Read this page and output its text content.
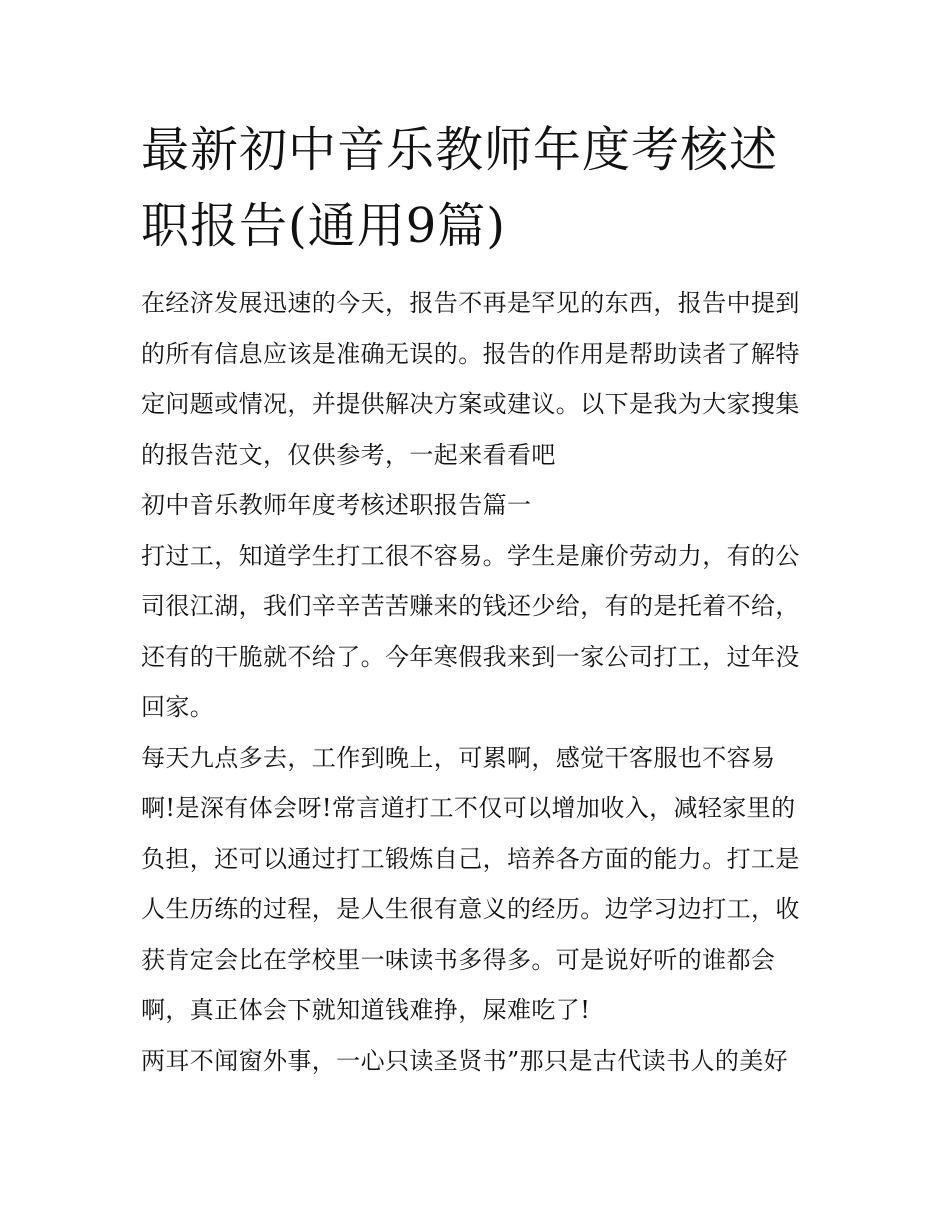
最新初中音乐教师年度考核述
职报告(通用9篇)

在经济发展迅速的今天，报告不再是罕见的东西，报告中提到
的所有信息应该是准确无误的。报告的作用是帮助读者了解特
定问题或情况，并提供解决方案或建议。以下是我为大家搜集
的报告范文，仅供参考，一起来看看吧

初中音乐教师年度考核述职报告篇一

打过工，知道学生打工很不容易。学生是廉价劳动力，有的公
司很江湖，我们辛辛苦苦赚来的钱还少给，有的是托着不给，
还有的干脆就不给了。今年寒假我来到一家公司打工，过年没
回家。

每天九点多去，工作到晚上，可累啊，感觉干客服也不容易
啊!是深有体会呀!常言道打工不仅可以增加收入，减轻家里的
负担，还可以通过打工锻炼自己，培养各方面的能力。打工是
人生历练的过程，是人生很有意义的经历。边学习边打工，收
获肯定会比在学校里一味读书多得多。可是说好听的谁都会
啊，真正体会下就知道钱难挣，屎难吃了!

两耳不闻窗外事，一心只读圣贤书”那只是古代读书人的美好
